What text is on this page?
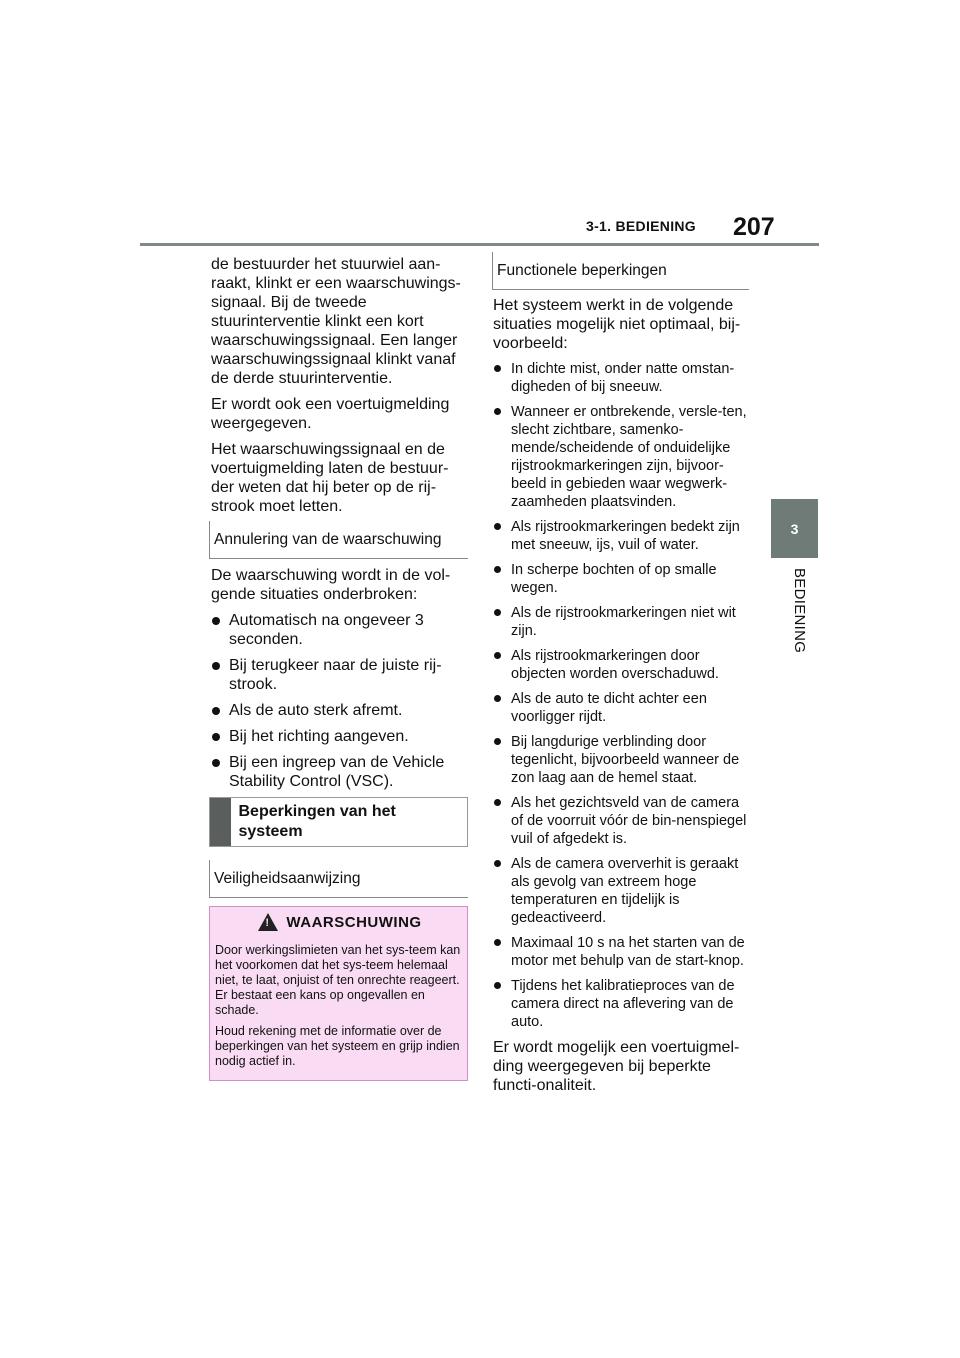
3-1. BEDIENING 207
3
BEDIENING

de bestuurder het stuurwiel aan-raakt, klinkt er een waarschuwings-signaal. Bij de tweede stuurinterventie klinkt een kort waarschuwingssignaal. Een langer waarschuwingssignaal klinkt vanaf de derde stuurinterventie.

Er wordt ook een voertuigmelding weergegeven.

Het waarschuwingssignaal en de voertuigmelding laten de bestuur-der weten dat hij beter op de rij-strook moet letten.

Annulering van de waarschuwing

De waarschuwing wordt in de vol-gende situaties onderbroken:

Automatisch na ongeveer 3 seconden.
Bij terugkeer naar de juiste rij-strook.
Als de auto sterk afremt.
Bij het richting aangeven.
Bij een ingreep van de Vehicle Stability Control (VSC).
Beperkingen van het systeem
Veiligheidsaanwijzing
!
WAARSCHUWING

Door werkingslimieten van het sys-teem kan het voorkomen dat het sys-teem helemaal niet, te laat, onjuist of ten onrechte reageert. Er bestaat een kans op ongevallen en schade.

Houd rekening met de informatie over de beperkingen van het systeem en grijp indien nodig actief in.

Functionele beperkingen

Het systeem werkt in de volgende situaties mogelijk niet optimaal, bij-voorbeeld:

In dichte mist, onder natte omstan-digheden of bij sneeuw.
Wanneer er ontbrekende, versle-ten, slecht zichtbare, samenko-mende/scheidende of onduidelijke rijstrookmarkeringen zijn, bijvoor-beeld in gebieden waar wegwerk-zaamheden plaatsvinden.
Als rijstrookmarkeringen bedekt zijn met sneeuw, ijs, vuil of water.
In scherpe bochten of op smalle wegen.
Als de rijstrookmarkeringen niet wit zijn.
Als rijstrookmarkeringen door objecten worden overschaduwd.
Als de auto te dicht achter een voorligger rijdt.
Bij langdurige verblinding door tegenlicht, bijvoorbeeld wanneer de zon laag aan de hemel staat.
Als het gezichtsveld van de camera of de voorruit vóór de bin-nenspiegel vuil of afgedekt is.
Als de camera oververhit is geraakt als gevolg van extreem hoge temperaturen en tijdelijk is gedeactiveerd.
Maximaal 10 s na het starten van de motor met behulp van de start-knop.
Tijdens het kalibratieproces van de camera direct na aflevering van de auto.

Er wordt mogelijk een voertuigmel-ding weergegeven bij beperkte functi-onaliteit.
